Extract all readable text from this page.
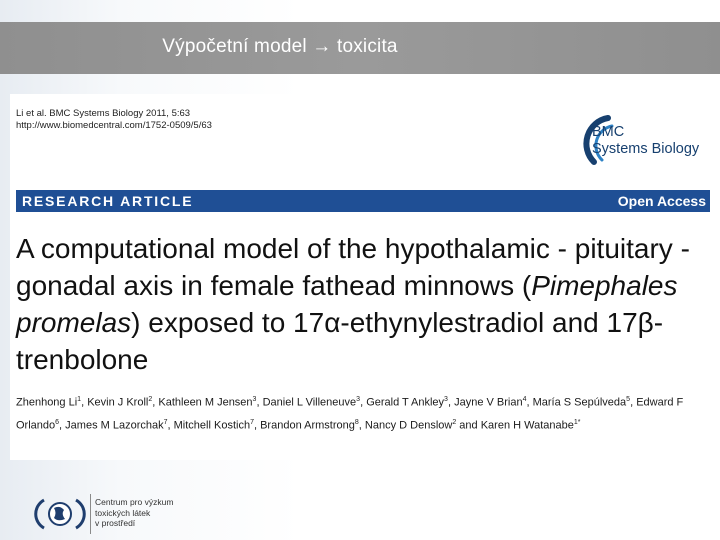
Výpočetní model → toxicita
Li et al. BMC Systems Biology 2011, 5:63
http://www.biomedcentral.com/1752-0509/5/63	BMC
Systems Biology
RESEARCH ARTICLE	Open Access
A computational model of the hypothalamic - pituitary - gonadal axis in female fathead minnows (Pimephales promelas) exposed to 17α-ethynylestradiol and 17β-trenbolone
Zhenhong Li$^1$, Kevin J Kroll$^2$, Kathleen M Jensen$^3$, Daniel L Villeneuve$^3$, Gerald T Ankley$^3$, Jayne V Brian$^4$, María S Sepúlveda$^5$, Edward F Orlando$^6$, James M Lazorchak$^7$, Mitchell Kostich$^7$, Brandon Armstrong$^8$, Nancy D Denslow$^2$ and Karen H Watanabe$^{1*}$
Centrum pro výzkum
toxických látek
v prostředí
